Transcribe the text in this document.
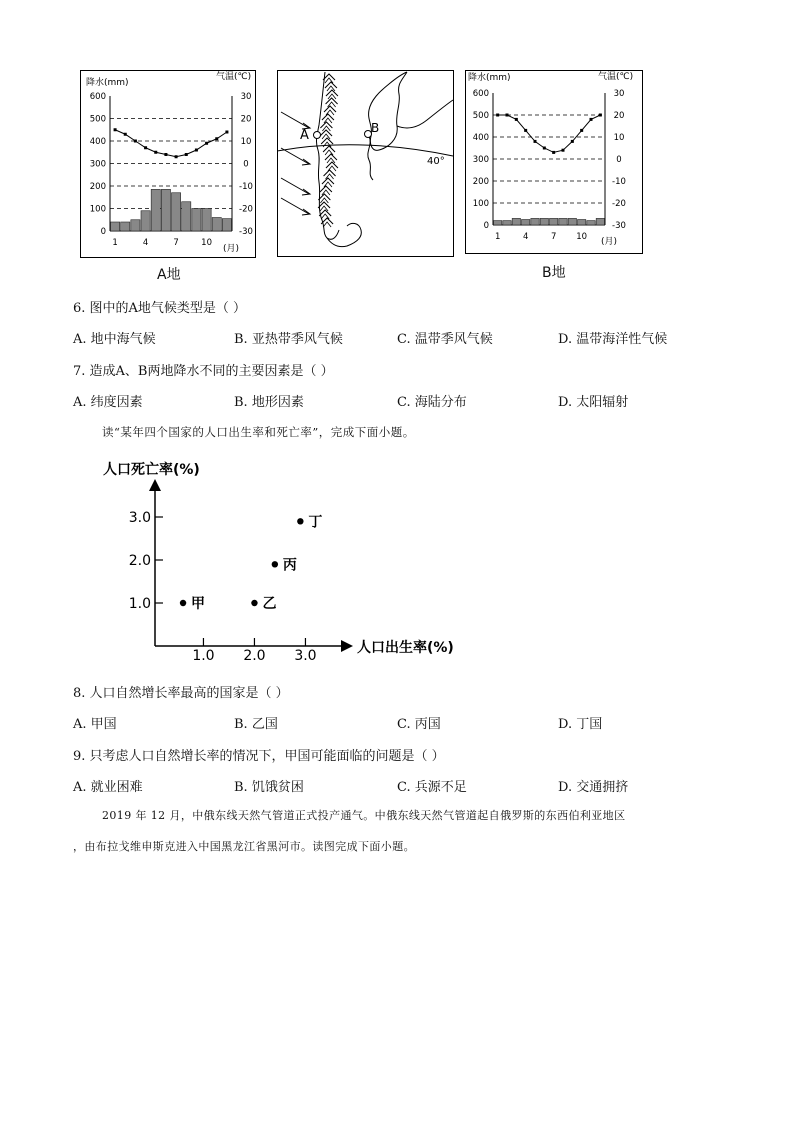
降水(mm)
气温(℃)
600
500
400
300
200
100
0
30
20
10
0
-10
-20
-30
1	4	7	10
(月)
A地
40°
A	B
降水(mm)	气温(℃)
600
500
400
300
200
100
0
30
20
10
0
-10
-20
-30
1	4	7 10 (月)
B地
6. 图中的A地气候类型是（ ）
A. 地中海气候	B. 亚热带季风气候	C. 温带季风气候	D. 温带海洋性气候
7. 造成A、B两地降水不同的主要因素是（ ）
A. 纬度因素	B. 地形因素	C. 海陆分布	D. 太阳辐射
读“某年四个国家的人口出生率和死亡率”，完成下面小题。
人口死亡率(%)
人口出生率(%)
3.0
2.0
1.0
1.0 2.0 3.0
甲	乙
丙
丁
8. 人口自然增长率最高的国家是（ ）
A. 甲国	B. 乙国	C. 丙国	D. 丁国
9. 只考虑人口自然增长率的情况下，甲国可能面临的问题是（ ）
A. 就业困难	B. 饥饿贫困	C. 兵源不足	D. 交通拥挤
2019 年 12 月，中俄东线天然气管道正式投产通气。中俄东线天然气管道起自俄罗斯的东西伯利亚地区
，由布拉戈维申斯克进入中国黑龙江省黑河市。读图完成下面小题。
